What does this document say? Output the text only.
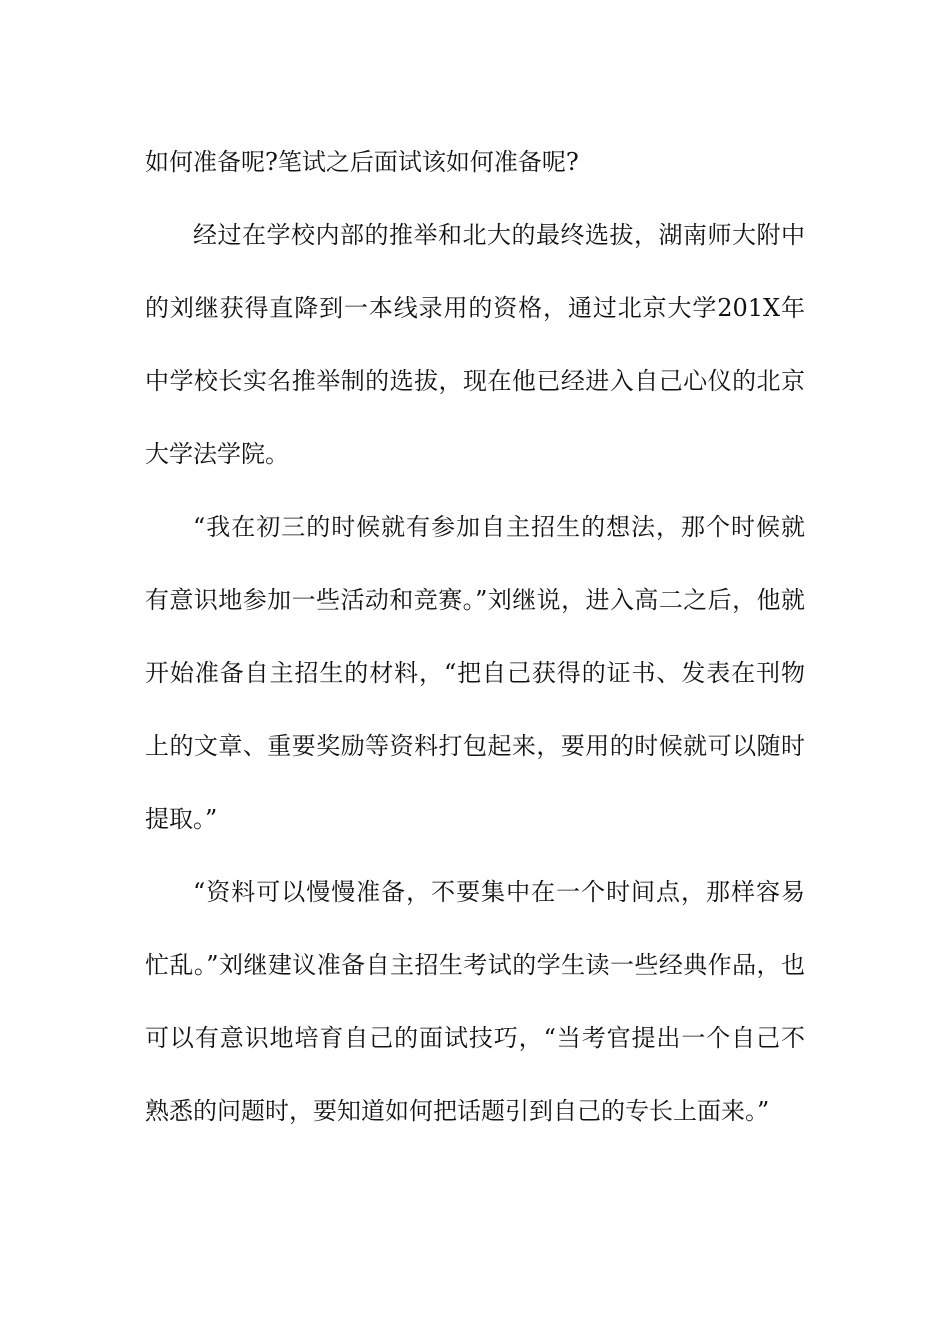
如何准备呢?笔试之后面试该如何准备呢?

经过在学校内部的推举和北大的最终选拔，湖南师大附中的刘继获得直降到一本线录用的资格，通过北京大学201X年中学校长实名推举制的选拔，现在他已经进入自己心仪的北京大学法学院。

“我在初三的时候就有参加自主招生的想法，那个时候就有意识地参加一些活动和竞赛。”刘继说，进入高二之后，他就开始准备自主招生的材料，“把自己获得的证书、发表在刊物上的文章、重要奖励等资料打包起来，要用的时候就可以随时提取。”

“资料可以慢慢准备，不要集中在一个时间点，那样容易忙乱。”刘继建议准备自主招生考试的学生读一些经典作品，也可以有意识地培育自己的面试技巧，“当考官提出一个自己不熟悉的问题时，要知道如何把话题引到自己的专长上面来。”
